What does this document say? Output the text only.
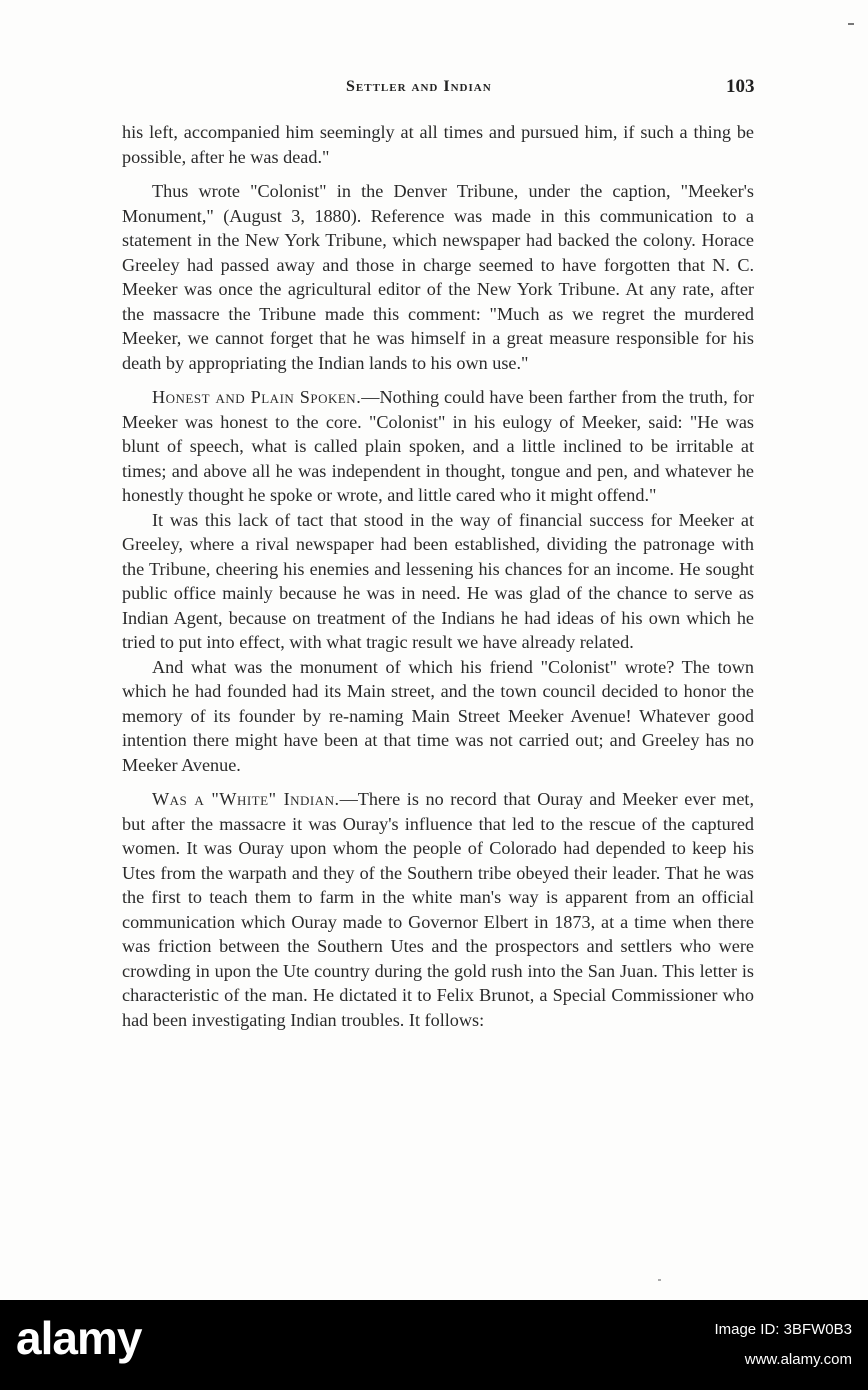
Settler and Indian	103

his left, accompanied him seemingly at all times and pursued him, if such a thing be possible, after he was dead."

Thus wrote "Colonist" in the Denver Tribune, under the caption, "Meeker's Monument," (August 3, 1880). Reference was made in this communication to a statement in the New York Tribune, which newspaper had backed the colony. Horace Greeley had passed away and those in charge seemed to have forgotten that N. C. Meeker was once the agricultural editor of the New York Tribune. At any rate, after the massacre the Tribune made this comment: "Much as we regret the murdered Meeker, we cannot forget that he was himself in a great measure responsible for his death by appropriating the Indian lands to his own use."

Honest and Plain Spoken.—Nothing could have been farther from the truth, for Meeker was honest to the core. "Colonist" in his eulogy of Meeker, said: "He was blunt of speech, what is called plain spoken, and a little inclined to be irritable at times; and above all he was independent in thought, tongue and pen, and whatever he honestly thought he spoke or wrote, and little cared who it might offend."

It was this lack of tact that stood in the way of financial success for Meeker at Greeley, where a rival newspaper had been established, dividing the patronage with the Tribune, cheering his enemies and lessening his chances for an income. He sought public office mainly because he was in need. He was glad of the chance to serve as Indian Agent, because on treatment of the Indians he had ideas of his own which he tried to put into effect, with what tragic result we have already related.

And what was the monument of which his friend "Colonist" wrote? The town which he had founded had its Main street, and the town council decided to honor the memory of its founder by re-naming Main Street Meeker Avenue! Whatever good intention there might have been at that time was not carried out; and Greeley has no Meeker Avenue.

Was a "White" Indian.—There is no record that Ouray and Meeker ever met, but after the massacre it was Ouray's influence that led to the rescue of the captured women. It was Ouray upon whom the people of Colorado had depended to keep his Utes from the warpath and they of the Southern tribe obeyed their leader. That he was the first to teach them to farm in the white man's way is apparent from an official communication which Ouray made to Governor Elbert in 1873, at a time when there was friction between the Southern Utes and the prospectors and settlers who were crowding in upon the Ute country during the gold rush into the San Juan. This letter is characteristic of the man. He dictated it to Felix Brunot, a Special Commissioner who had been investigating Indian troubles. It follows:

alamy	Image ID: 3BFW0B3
www.alamy.com
